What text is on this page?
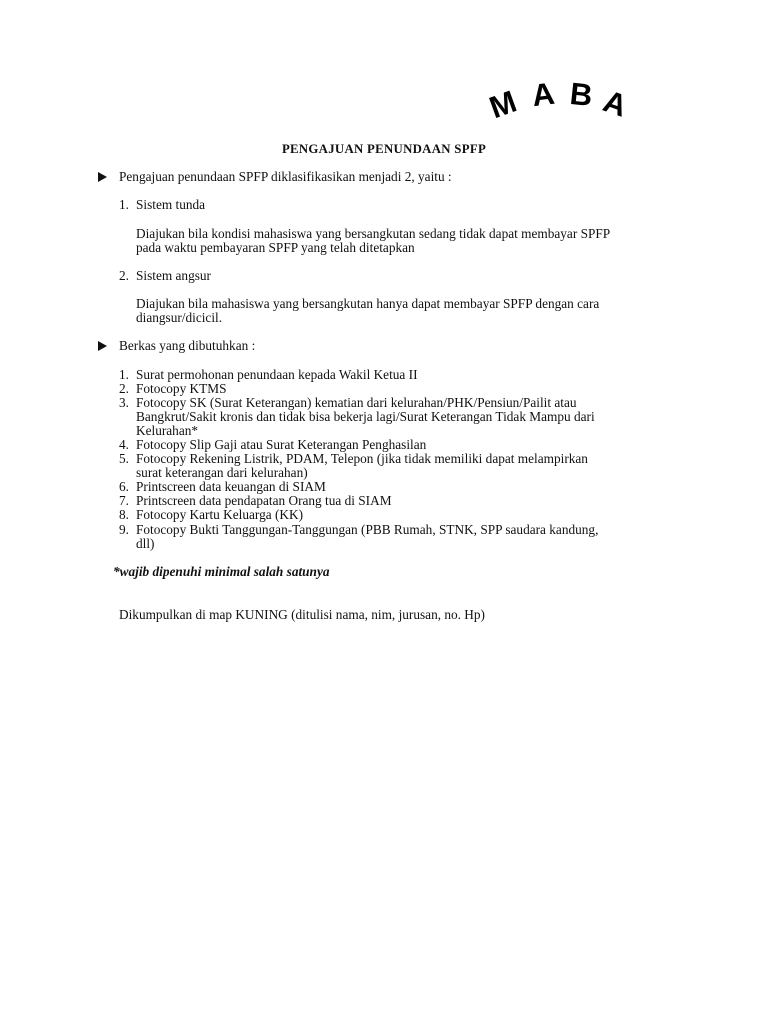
M A B A
PENGAJUAN PENUNDAAN SPFP
Pengajuan penundaan SPFP diklasifikasikan menjadi 2, yaitu :
1. Sistem tunda
Diajukan bila kondisi mahasiswa yang bersangkutan sedang tidak dapat membayar SPFP
pada waktu pembayaran SPFP yang telah ditetapkan
2. Sistem angsur
Diajukan bila mahasiswa yang bersangkutan hanya dapat membayar SPFP dengan cara
diangsur/dicicil.
Berkas yang dibutuhkan :
1. Surat permohonan penundaan kepada Wakil Ketua II
2. Fotocopy KTMS
3. Fotocopy SK (Surat Keterangan) kematian dari kelurahan/PHK/Pensiun/Pailit atau
Bangkrut/Sakit kronis dan tidak bisa bekerja lagi/Surat Keterangan Tidak Mampu dari
Kelurahan*
4. Fotocopy Slip Gaji atau Surat Keterangan Penghasilan
5. Fotocopy Rekening Listrik, PDAM, Telepon (jika tidak memiliki dapat melampirkan
surat keterangan dari kelurahan)
6. Printscreen data keuangan di SIAM
7. Printscreen data pendapatan Orang tua di SIAM
8. Fotocopy Kartu Keluarga (KK)
9. Fotocopy Bukti Tanggungan-Tanggungan (PBB Rumah, STNK, SPP saudara kandung,
dll)
*wajib dipenuhi minimal salah satunya
Dikumpulkan di map KUNING (ditulisi nama, nim, jurusan, no. Hp)
